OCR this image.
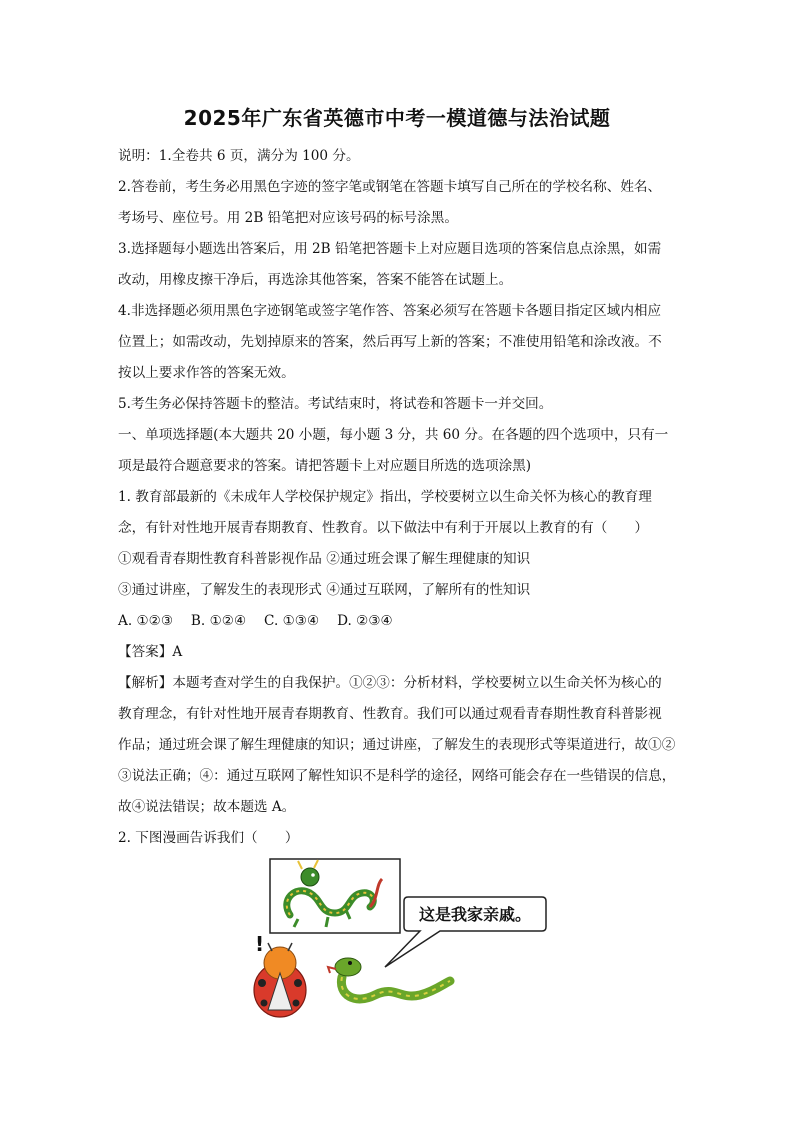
2025年广东省英德市中考一模道德与法治试题
说明：1.全卷共 6 页，满分为 100 分。
2.答卷前，考生务必用黑色字迹的签字笔或钢笔在答题卡填写自己所在的学校名称、姓名、
考场号、座位号。用 2B 铅笔把对应该号码的标号涂黑。
3.选择题每小题选出答案后，用 2B 铅笔把答题卡上对应题目选项的答案信息点涂黑，如需
改动，用橡皮擦干净后，再选涂其他答案，答案不能答在试题上。
4.非选择题必须用黑色字迹钢笔或签字笔作答、答案必须写在答题卡各题目指定区域内相应
位置上；如需改动，先划掉原来的答案，然后再写上新的答案；不准使用铅笔和涂改液。不
按以上要求作答的答案无效。
5.考生务必保持答题卡的整洁。考试结束时，将试卷和答题卡一并交回。
一、单项选择题(本大题共 20 小题，每小题 3 分，共 60 分。在各题的四个选项中，只有一
项是最符合题意要求的答案。请把答题卡上对应题目所选的选项涂黑)
1. 教育部最新的《未成年人学校保护规定》指出，学校要树立以生命关怀为核心的教育理
念，有针对性地开展青春期教育、性教育。以下做法中有利于开展以上教育的有（　　）
①观看青春期性教育科普影视作品 ②通过班会课了解生理健康的知识
③通过讲座，了解发生的表现形式 ④通过互联网，了解所有的性知识
A. ①②③　 B. ①②④　 C. ①③④　 D. ②③④
【答案】A
【解析】本题考查对学生的自我保护。①②③：分析材料，学校要树立以生命关怀为核心的
教育理念，有针对性地开展青春期教育、性教育。我们可以通过观看青春期性教育科普影视
作品；通过班会课了解生理健康的知识；通过讲座，了解发生的表现形式等渠道进行，故①②
③说法正确；④：通过互联网了解性知识不是科学的途径，网络可能会存在一些错误的信息，
故④说法错误；故本题选 A。
2. 下图漫画告诉我们（　　）
这是我家亲戚。
!
